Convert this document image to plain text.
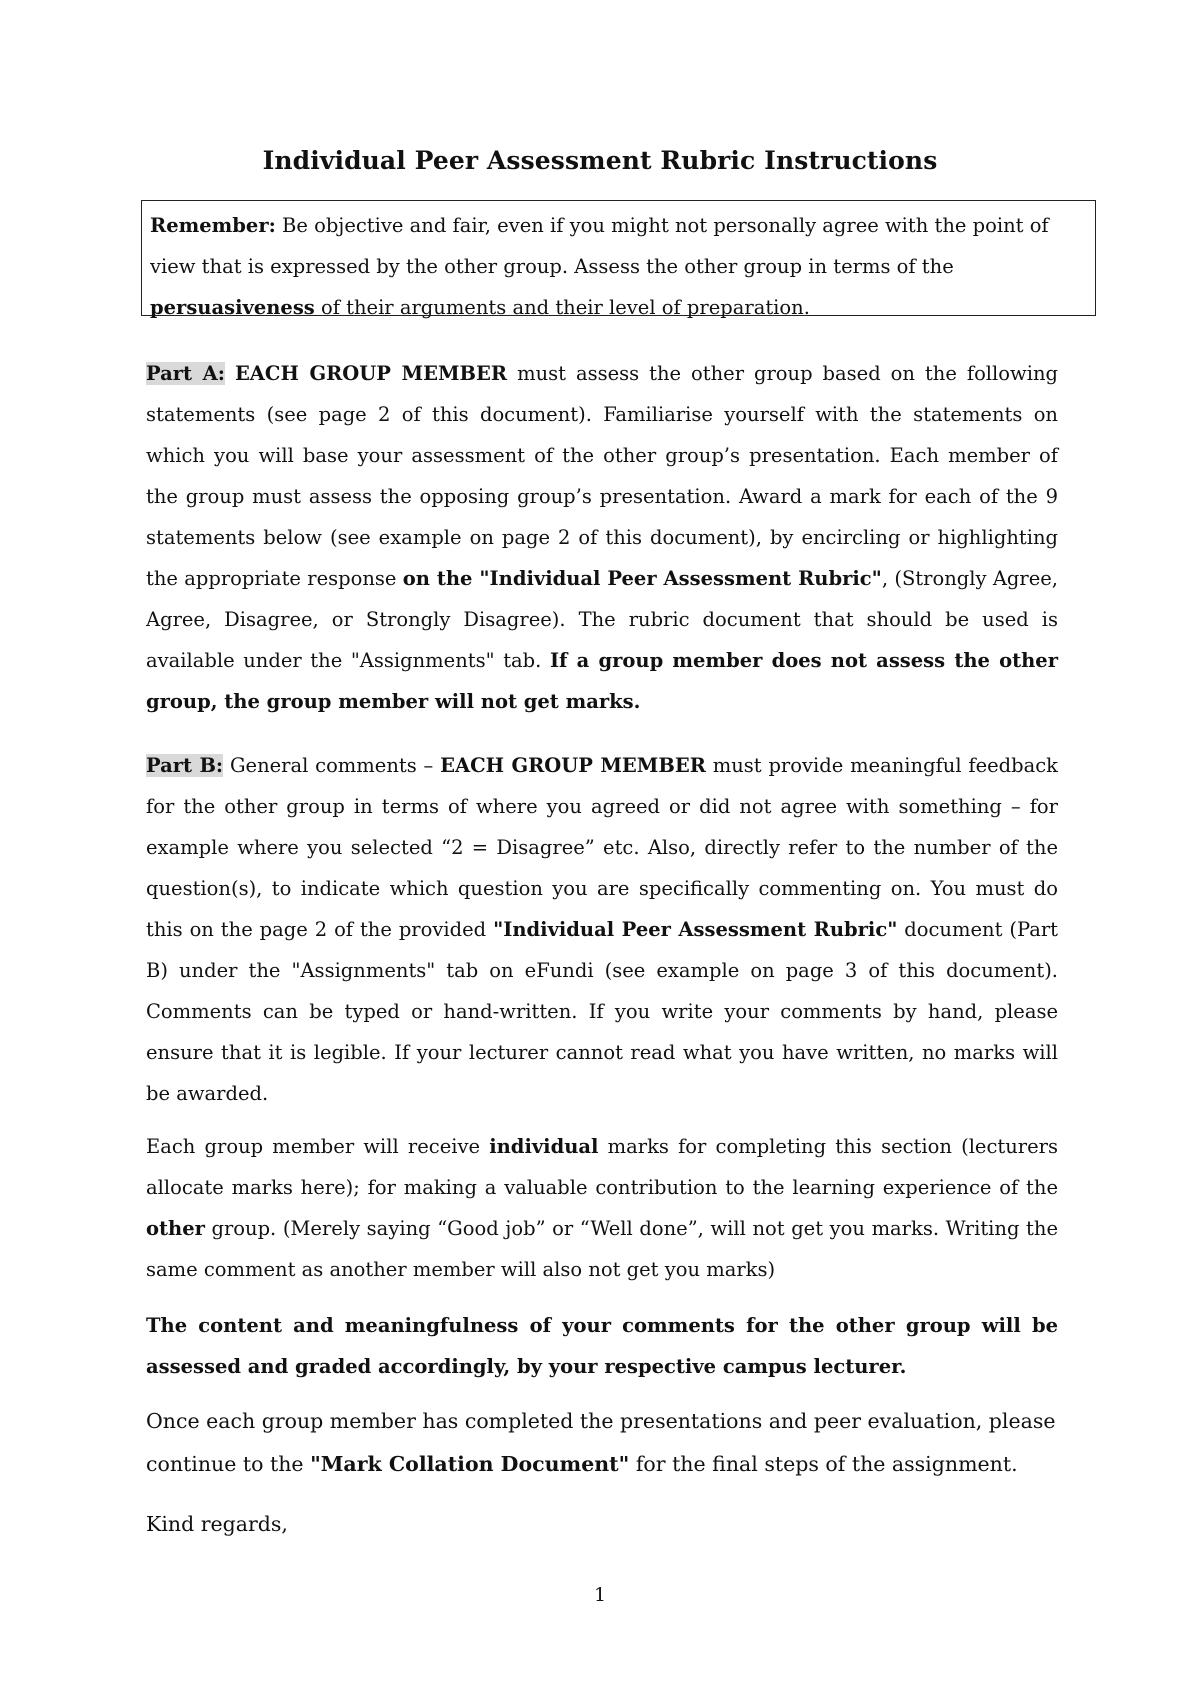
Individual Peer Assessment Rubric Instructions
Remember: Be objective and fair, even if you might not personally agree with the point of view that is expressed by the other group. Assess the other group in terms of the persuasiveness of their arguments and their level of preparation.
Part A: EACH GROUP MEMBER must assess the other group based on the following statements (see page 2 of this document). Familiarise yourself with the statements on which you will base your assessment of the other group’s presentation. Each member of the group must assess the opposing group’s presentation. Award a mark for each of the 9 statements below (see example on page 2 of this document), by encircling or highlighting the appropriate response on the "Individual Peer Assessment Rubric", (Strongly Agree, Agree, Disagree, or Strongly Disagree). The rubric document that should be used is available under the "Assignments" tab. If a group member does not assess the other group, the group member will not get marks.
Part B: General comments – EACH GROUP MEMBER must provide meaningful feedback for the other group in terms of where you agreed or did not agree with something – for example where you selected “2 = Disagree” etc. Also, directly refer to the number of the question(s), to indicate which question you are specifically commenting on. You must do this on the page 2 of the provided "Individual Peer Assessment Rubric" document (Part B) under the "Assignments" tab on eFundi (see example on page 3 of this document). Comments can be typed or hand-written. If you write your comments by hand, please ensure that it is legible. If your lecturer cannot read what you have written, no marks will be awarded.
Each group member will receive individual marks for completing this section (lecturers allocate marks here); for making a valuable contribution to the learning experience of the other group. (Merely saying “Good job” or “Well done”, will not get you marks. Writing the same comment as another member will also not get you marks)
The content and meaningfulness of your comments for the other group will be assessed and graded accordingly, by your respective campus lecturer.
Once each group member has completed the presentations and peer evaluation, please continue to the "Mark Collation Document" for the final steps of the assignment.
Kind regards,
1
